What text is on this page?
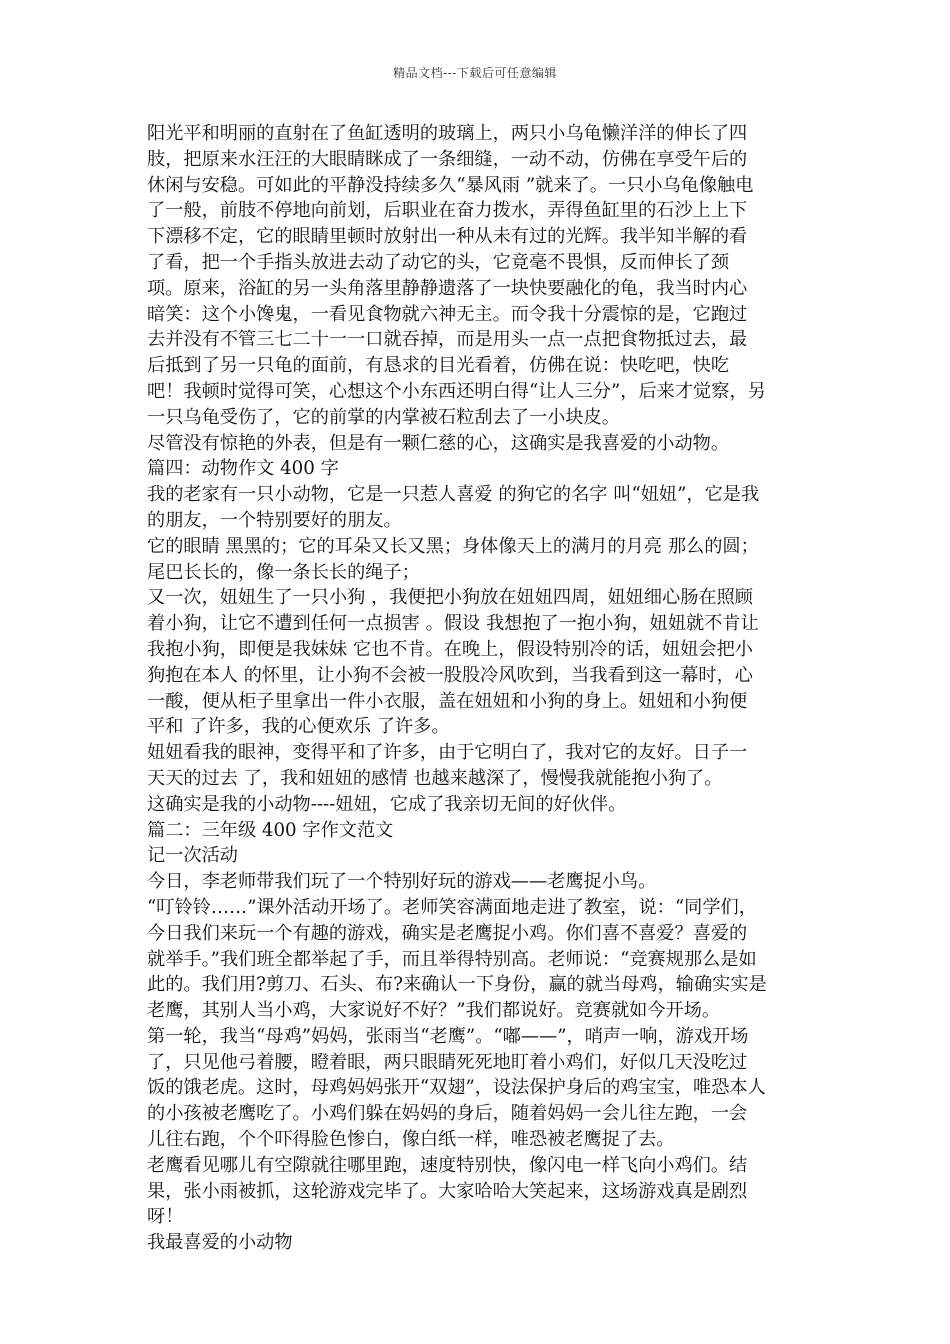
精品文档---下载后可任意编辑
阳光平和明丽的直射在了鱼缸透明的玻璃上，两只小乌龟懒洋洋的伸长了四
肢，把原来水汪汪的大眼睛眯成了一条细缝，一动不动，仿佛在享受午后的
休闲与安稳。可如此的平静没持续多久“暴风雨 ”就来了。一只小乌龟像触电
了一般，前肢不停地向前划，后职业在奋力拨水，弄得鱼缸里的石沙上上下
下漂移不定，它的眼睛里顿时放射出一种从未有过的光辉。我半知半解的看
了看，把一个手指头放进去动了动它的头，它竟毫不畏惧，反而伸长了颈
项。原来，浴缸的另一头角落里静静遗落了一块快要融化的龟，我当时内心
暗笑：这个小馋鬼，一看见食物就六神无主。而令我十分震惊的是，它跑过
去并没有不管三七二十一一口就吞掉，而是用头一点一点把食物抵过去，最
后抵到了另一只龟的面前，有恳求的目光看着，仿佛在说：快吃吧，快吃
吧！我顿时觉得可笑，心想这个小东西还明白得“让人三分”，后来才觉察，另
一只乌龟受伤了，它的前掌的内掌被石粒刮去了一小块皮。
尽管没有惊艳的外表，但是有一颗仁慈的心，这确实是我喜爱的小动物。
篇四：动物作文 400 字
我的老家有一只小动物，它是一只惹人喜爱 的狗它的名字 叫“妞妞”，它是我
的朋友，一个特别要好的朋友。
它的眼睛 黑黑的；它的耳朵又长又黑；身体像天上的满月的月亮 那么的圆；
尾巴长长的，像一条长长的绳子；
又一次，妞妞生了一只小狗 ，我便把小狗放在妞妞四周，妞妞细心肠在照顾
着小狗，让它不遭到任何一点损害 。假设 我想抱了一抱小狗，妞妞就不肯让
我抱小狗，即便是我妹妹 它也不肯。在晚上，假设特别冷的话，妞妞会把小
狗抱在本人 的怀里，让小狗不会被一股股冷风吹到，当我看到这一幕时，心
一酸，便从柜子里拿出一件小衣服，盖在妞妞和小狗的身上。妞妞和小狗便
平和 了许多，我的心便欢乐 了许多。
妞妞看我的眼神，变得平和了许多，由于它明白了，我对它的友好。日子一
天天的过去 了，我和妞妞的感情 也越来越深了，慢慢我就能抱小狗了。
这确实是我的小动物----妞妞，它成了我亲切无间的好伙伴。
篇二：三年级 400 字作文范文
记一次活动
今日，李老师带我们玩了一个特别好玩的游戏——老鹰捉小鸟。
“叮铃铃……”课外活动开场了。老师笑容满面地走进了教室，说：“同学们，
今日我们来玩一个有趣的游戏，确实是老鹰捉小鸡。你们喜不喜爱？喜爱的
就举手。”我们班全都举起了手，而且举得特别高。老师说：“竞赛规那么是如
此的。我们用?剪刀、石头、布?来确认一下身份，赢的就当母鸡，输确实实是
老鹰，其别人当小鸡，大家说好不好？”我们都说好。竞赛就如今开场。
第一轮，我当“母鸡”妈妈，张雨当“老鹰”。“嘟——”，哨声一响，游戏开场
了，只见他弓着腰，瞪着眼，两只眼睛死死地盯着小鸡们，好似几天没吃过
饭的饿老虎。这时，母鸡妈妈张开“双翅”，设法保护身后的鸡宝宝，唯恐本人
的小孩被老鹰吃了。小鸡们躲在妈妈的身后，随着妈妈一会儿往左跑，一会
儿往右跑，个个吓得脸色惨白，像白纸一样，唯恐被老鹰捉了去。
老鹰看见哪儿有空隙就往哪里跑，速度特别快，像闪电一样飞向小鸡们。结
果，张小雨被抓，这轮游戏完毕了。大家哈哈大笑起来，这场游戏真是剧烈
呀！
我最喜爱的小动物
